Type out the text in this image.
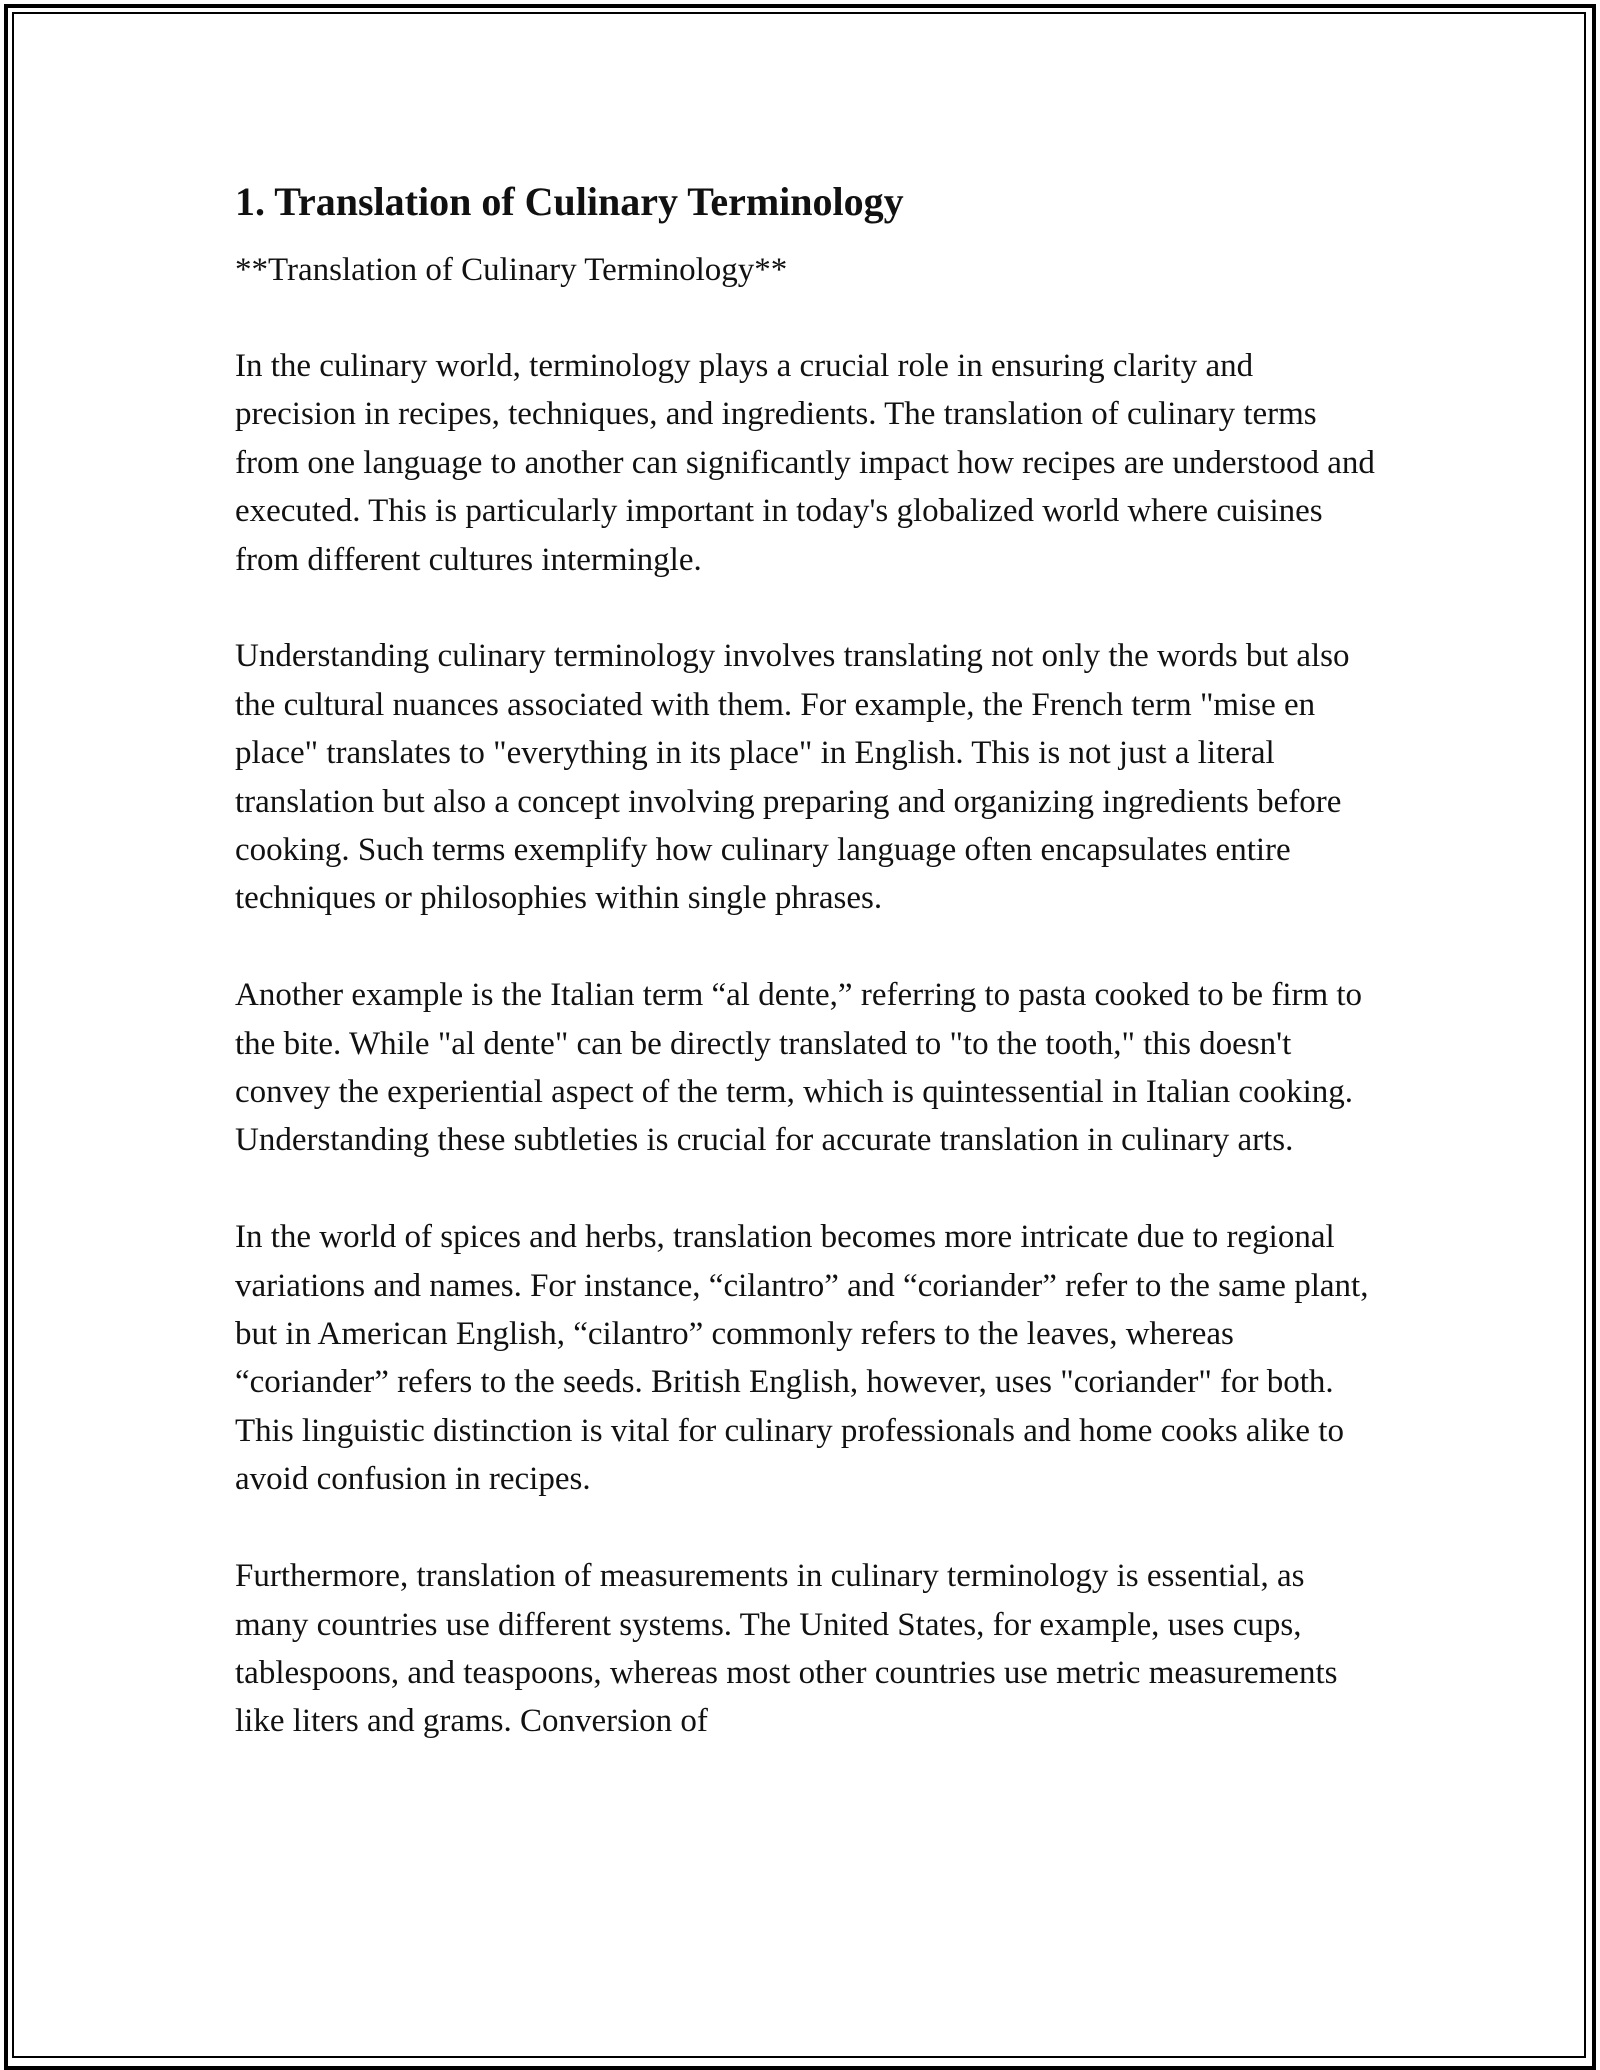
1. Translation of Culinary Terminology

**Translation of Culinary Terminology**

In the culinary world, terminology plays a crucial role in ensuring clarity and precision in recipes, techniques, and ingredients. The translation of culinary terms from one language to another can significantly impact how recipes are understood and executed. This is particularly important in today's globalized world where cuisines from different cultures intermingle.

Understanding culinary terminology involves translating not only the words but also the cultural nuances associated with them. For example, the French term "mise en place" translates to "everything in its place" in English. This is not just a literal translation but also a concept involving preparing and organizing ingredients before cooking. Such terms exemplify how culinary language often encapsulates entire techniques or philosophies within single phrases.

Another example is the Italian term “al dente,” referring to pasta cooked to be firm to the bite. While "al dente" can be directly translated to "to the tooth," this doesn't convey the experiential aspect of the term, which is quintessential in Italian cooking. Understanding these subtleties is crucial for accurate translation in culinary arts.

In the world of spices and herbs, translation becomes more intricate due to regional variations and names. For instance, “cilantro” and “coriander” refer to the same plant, but in American English, “cilantro” commonly refers to the leaves, whereas “coriander” refers to the seeds. British English, however, uses "coriander" for both. This linguistic distinction is vital for culinary professionals and home cooks alike to avoid confusion in recipes.

Furthermore, translation of measurements in culinary terminology is essential, as many countries use different systems. The United States, for example, uses cups, tablespoons, and teaspoons, whereas most other countries use metric measurements like liters and grams. Conversion of
